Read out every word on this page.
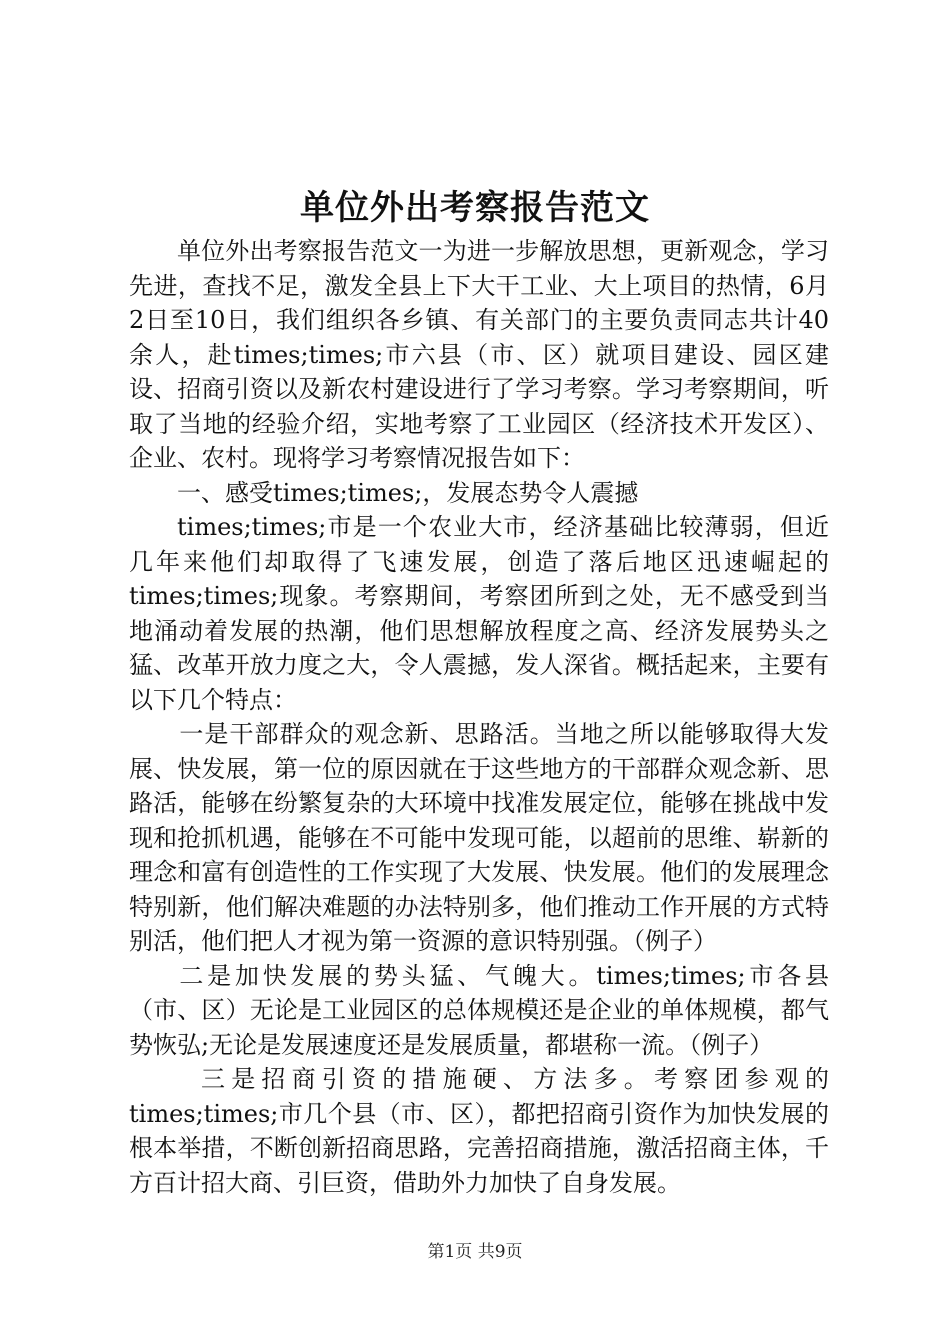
单位外出考察报告范文

单位外出考察报告范文一为进一步解放思想，更新观念，学习先进，查找不足，激发全县上下大干工业、大上项目的热情，6月2日至10日，我们组织各乡镇、有关部门的主要负责同志共计40余人，赴times;times;市六县（市、区）就项目建设、园区建设、招商引资以及新农村建设进行了学习考察。学习考察期间，听取了当地的经验介绍，实地考察了工业园区（经济技术开发区）、企业、农村。现将学习考察情况报告如下：

一、感受times;times;，发展态势令人震撼

times;times;市是一个农业大市，经济基础比较薄弱，但近几年来他们却取得了飞速发展，创造了落后地区迅速崛起的times;times;现象。考察期间，考察团所到之处，无不感受到当地涌动着发展的热潮，他们思想解放程度之高、经济发展势头之猛、改革开放力度之大，令人震撼，发人深省。概括起来，主要有以下几个特点：

一是干部群众的观念新、思路活。当地之所以能够取得大发展、快发展，第一位的原因就在于这些地方的干部群众观念新、思路活，能够在纷繁复杂的大环境中找准发展定位，能够在挑战中发现和抢抓机遇，能够在不可能中发现可能，以超前的思维、崭新的理念和富有创造性的工作实现了大发展、快发展。他们的发展理念特别新，他们解决难题的办法特别多，他们推动工作开展的方式特别活，他们把人才视为第一资源的意识特别强。（例子）

二是加快发展的势头猛、气魄大。times;times;市各县（市、区）无论是工业园区的总体规模还是企业的单体规模，都气势恢弘;无论是发展速度还是发展质量，都堪称一流。（例子）

三是招商引资的措施硬、方法多。考察团参观的times;times;市几个县（市、区），都把招商引资作为加快发展的根本举措，不断创新招商思路，完善招商措施，激活招商主体，千方百计招大商、引巨资，借助外力加快了自身发展。

第1页 共9页
